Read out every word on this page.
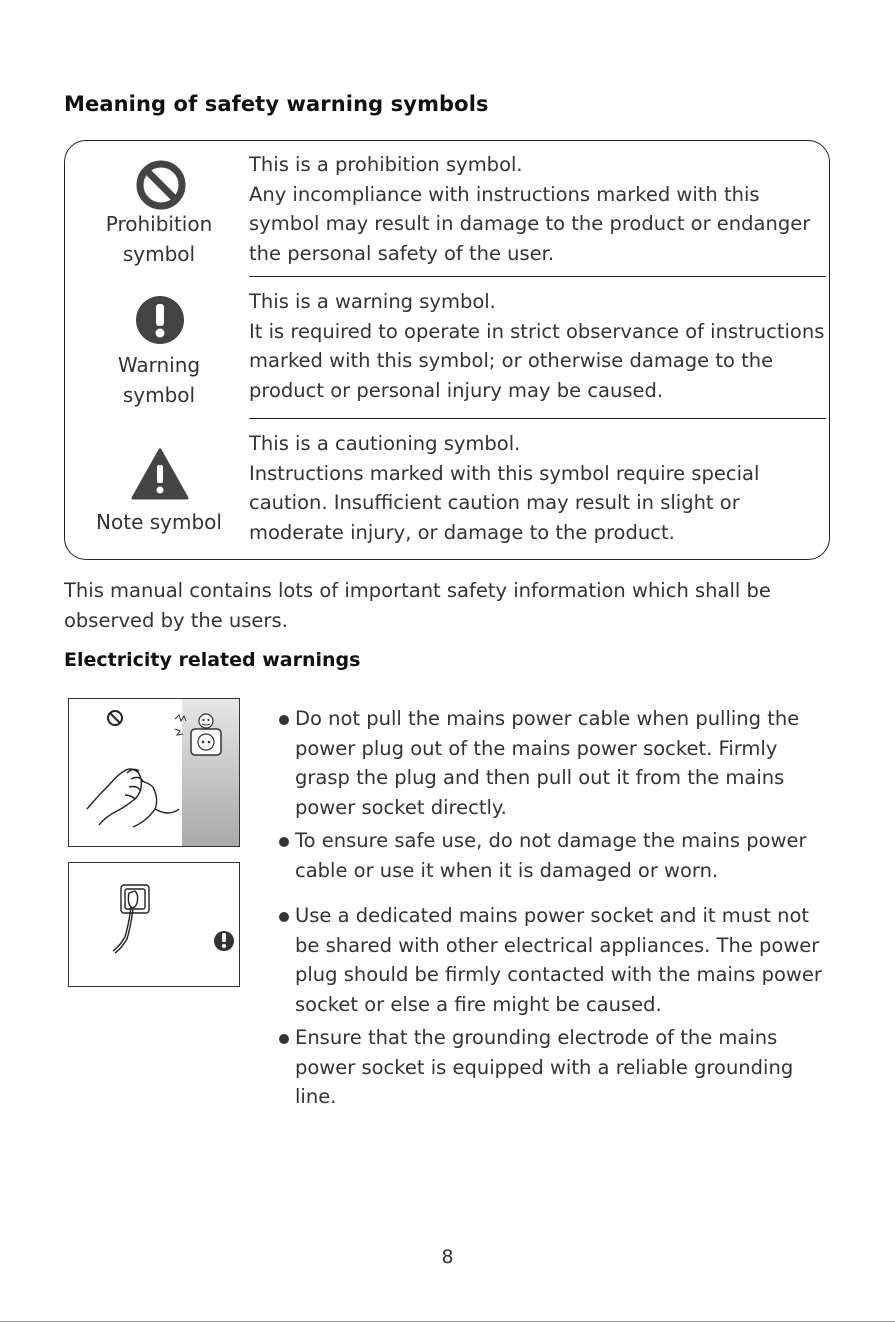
Meaning of safety warning symbols
Prohibition
symbol
This is a prohibition symbol.
Any incompliance with instructions marked with this
symbol may result in damage to the product or endanger
the personal safety of the user.
Warning
symbol
This is a warning symbol.
It is required to operate in strict observance of instructions
marked with this symbol; or otherwise damage to the
product or personal injury may be caused.
Note symbol
This is a cautioning symbol.
Instructions marked with this symbol require special
caution. Insufficient caution may result in slight or
moderate injury, or damage to the product.
This manual contains lots of important safety information which shall be
observed by the users.
Electricity related warnings
Do not pull the mains power cable when pulling the
power plug out of the mains power socket. Firmly
grasp the plug and then pull out it from the mains
power socket directly.
To ensure safe use, do not damage the mains power
cable or use it when it is damaged or worn.
Use a dedicated mains power socket and it must not
be shared with other electrical appliances. The power
plug should be firmly contacted with the mains power
socket or else a fire might be caused.
Ensure that the grounding electrode of the mains
power socket is equipped with a reliable grounding
line.
8
